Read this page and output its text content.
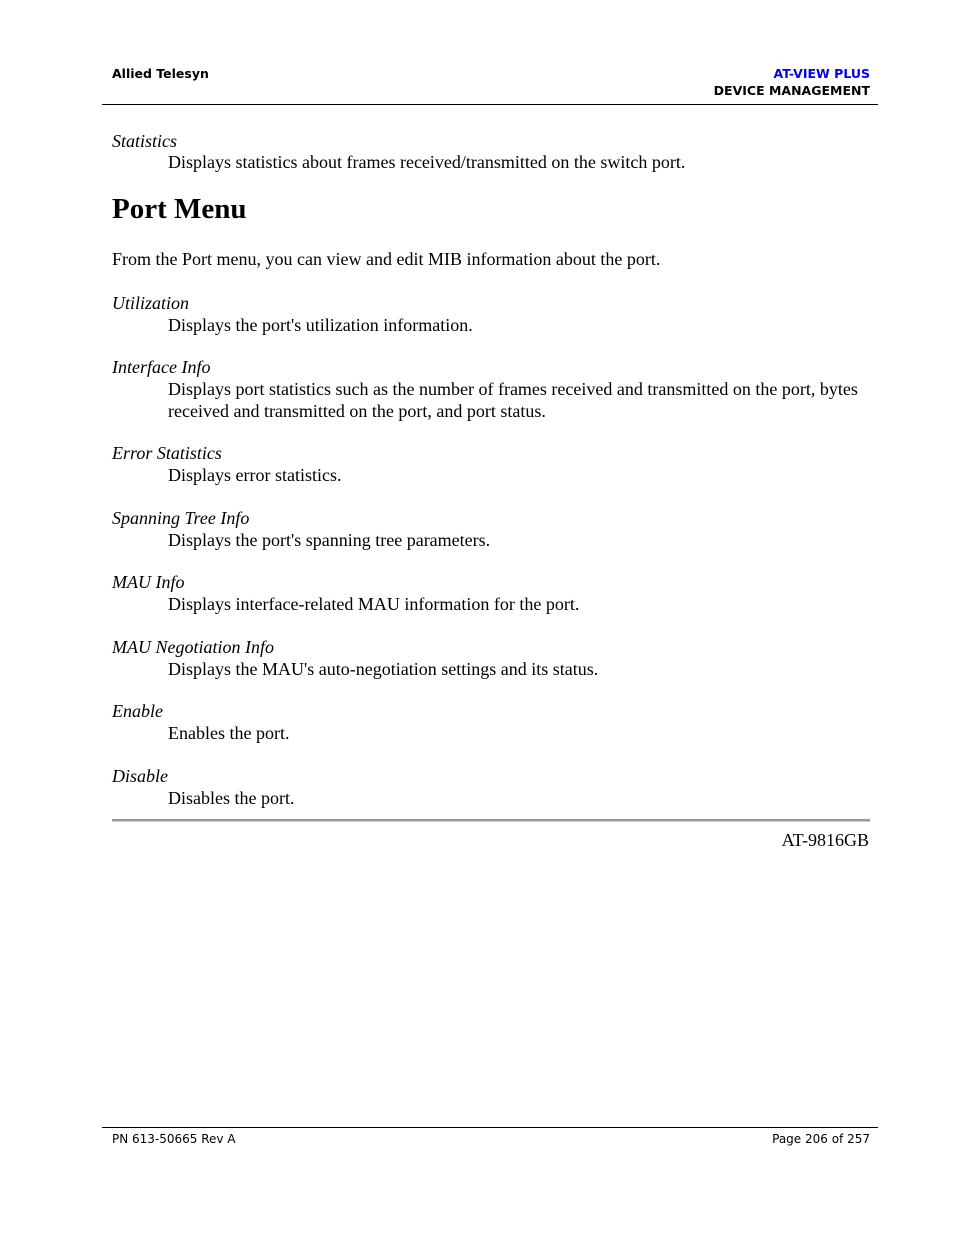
Allied Telesyn	AT-VIEW PLUS
DEVICE MANAGEMENT
Statistics
Displays statistics about frames received/transmitted on the switch port.
Port Menu
From the Port menu, you can view and edit MIB information about the port.
Utilization
Displays the port's utilization information.
Interface Info
Displays port statistics such as the number of frames received and transmitted on the port, bytes received and transmitted on the port, and port status.
Error Statistics
Displays error statistics.
Spanning Tree Info
Displays the port's spanning tree parameters.
MAU Info
Displays interface-related MAU information for the port.
MAU Negotiation Info
Displays the MAU's auto-negotiation settings and its status.
Enable
Enables the port.
Disable
Disables the port.
AT-9816GB
PN 613-50665 Rev A	Page 206 of 257
